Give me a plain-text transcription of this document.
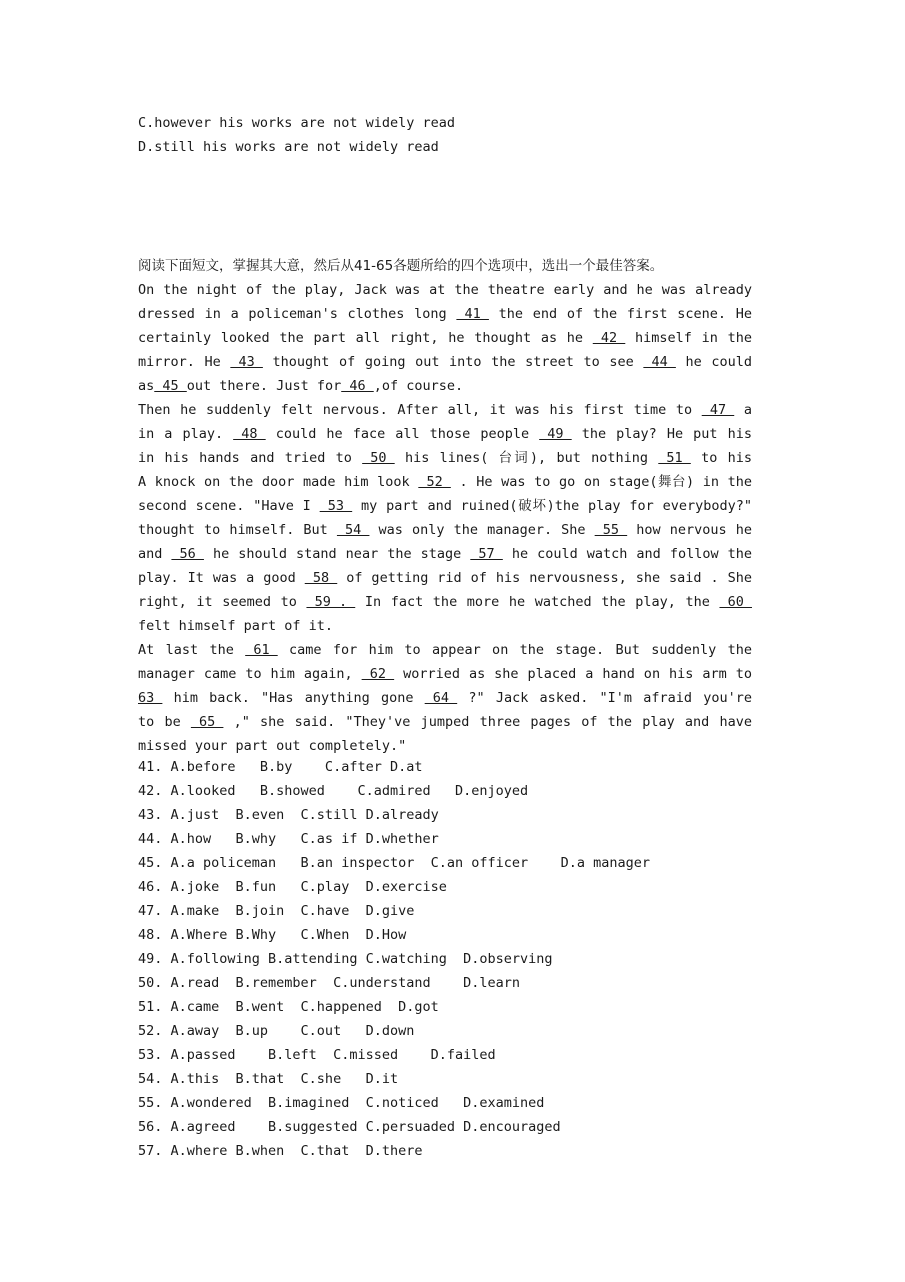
C.however his works are not widely read
D.still his works are not widely read

阅读下面短文，掌握其大意，然后从41-65各题所给的四个选项中，选出一个最佳答案。
On the night of the play, Jack was at the theatre early and he was already
dressed in a policeman's clothes long  41  the end of the first scene. He
certainly looked the part all right, he thought as he  42  himself in the
mirror. He  43  thought of going out into the street to see  44  he could
as 45 out there. Just for 46 ,of course.
Then he suddenly felt nervous. After all, it was his first time to  47  a
in a play.  48  could he face all those people  49  the play? He put his
in his hands and tried to  50  his lines( 台词), but nothing  51  to his
A knock on the door made him look  52  . He was to go on stage(舞台) in the
second scene. "Have I  53  my part and ruined(破坏)the play for everybody?"
thought to himself. But  54  was only the manager. She  55  how nervous he
and  56  he should stand near the stage  57  he could watch and follow the
play. It was a good  58  of getting rid of his nervousness, she said . She
right, it seemed to  59 .  In fact the more he watched the play, the  60
felt himself part of it.
At last the  61  came for him to appear on the stage. But suddenly the
manager came to him again,  62  worried as she placed a hand on his arm to
63  him back. "Has anything gone  64  ?" Jack asked. "I'm afraid you're
to be  65  ," she said. "They've jumped three pages of the play and have
missed your part out completely."
41. A.before   B.by    C.after D.at
42. A.looked   B.showed    C.admired   D.enjoyed
43. A.just  B.even  C.still D.already
44. A.how   B.why   C.as if D.whether
45. A.a policeman   B.an inspector  C.an officer    D.a manager
46. A.joke  B.fun   C.play  D.exercise
47. A.make  B.join  C.have  D.give
48. A.Where B.Why   C.When  D.How
49. A.following B.attending C.watching  D.observing
50. A.read  B.remember  C.understand    D.learn
51. A.came  B.went  C.happened  D.got
52. A.away  B.up    C.out   D.down
53. A.passed    B.left  C.missed    D.failed
54. A.this  B.that  C.she   D.it
55. A.wondered  B.imagined  C.noticed   D.examined
56. A.agreed    B.suggested C.persuaded D.encouraged
57. A.where B.when  C.that  D.there
